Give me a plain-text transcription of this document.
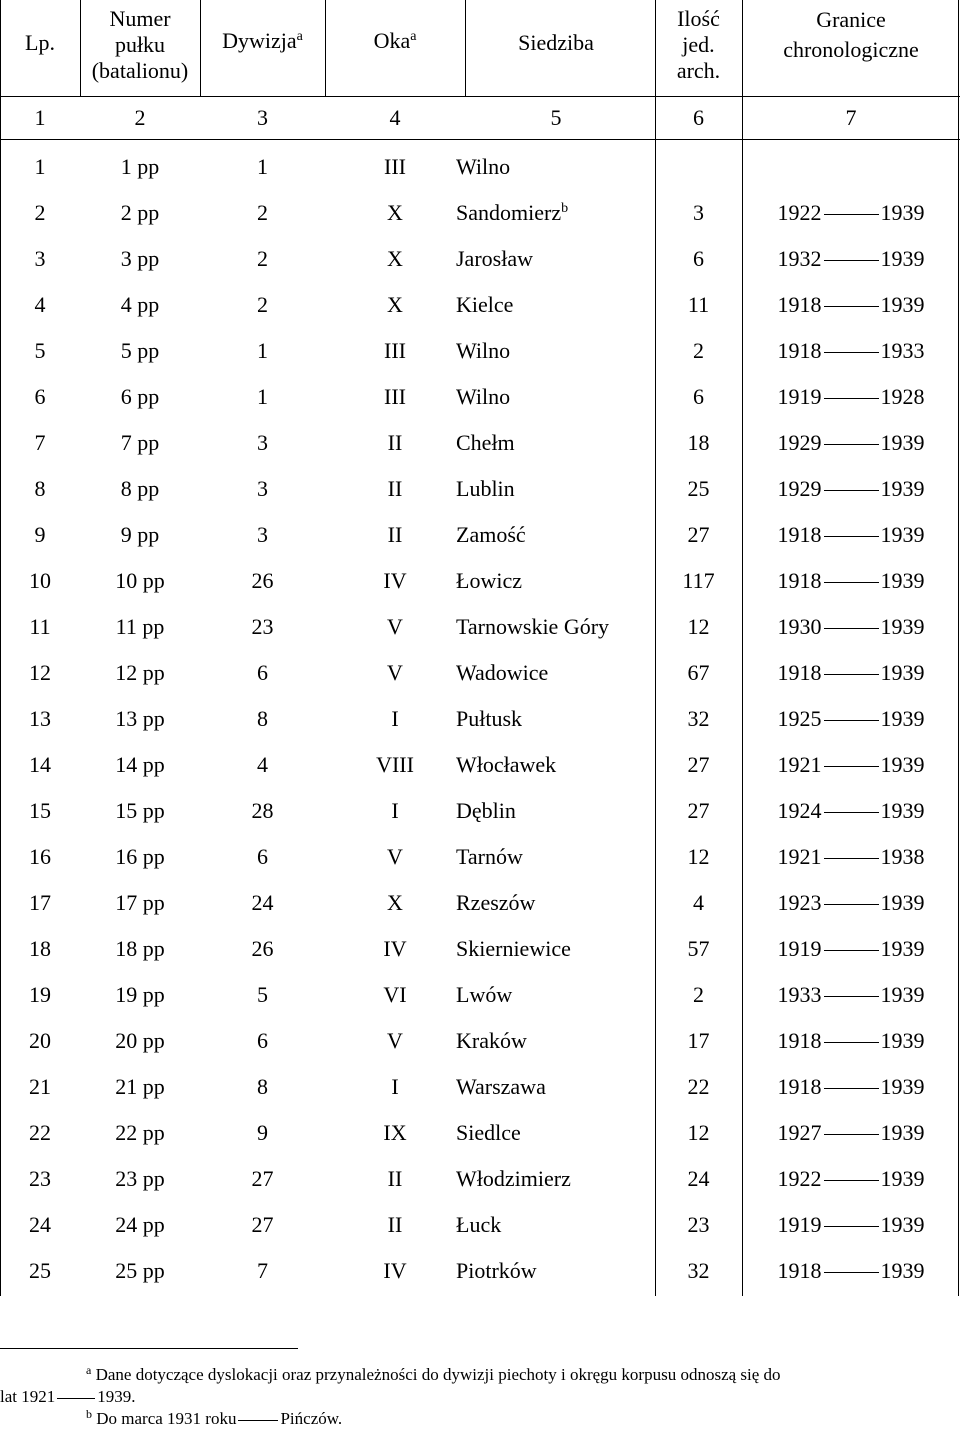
Lp.
Numer
pułku
(batalionu)
Dywizja$^a$	Oka$^a$	Siedziba
Ilość
jed.
arch.
Granice
chronologiczne
1	2	3	4	5	6	7
1	1 pp	1	III	Wilno
2	2 pp	2	X	Sandomierz$^b$	3	1922	1939
3	3 pp	2	X	Jarosław	6	1932	1939
4	4 pp	2	X	Kielce	11	1918	1939
5	5 pp	1	III	Wilno	2	1918	1933
6	6 pp	1	III	Wilno	6	1919	1928
7	7 pp	3	II	Chełm	18	1929	1939
8	8 pp	3	II	Lublin	25	1929	1939
9	9 pp	3	II	Zamość	27	1918	1939
10	10 pp	26	IV	Łowicz	117	1918	1939
11	11 pp	23	V	Tarnowskie Góry	12	1930	1939
12	12 pp	6	V	Wadowice	67	1918	1939
13	13 pp	8	I	Pułtusk	32	1925	1939
14	14 pp	4	VIII	Włocławek	27	1921	1939
15	15 pp	28	I	Dęblin	27	1924	1939
16	16 pp	6	V	Tarnów	12	1921	1938
17	17 pp	24	X	Rzeszów	4	1923	1939
18	18 pp	26	IV	Skierniewice	57	1919	1939
19	19 pp	5	VI	Lwów	2	1933	1939
20	20 pp	6	V	Kraków	17	1918	1939
21	21 pp	8	I	Warszawa	22	1918	1939
22	22 pp	9	IX	Siedlce	12	1927	1939
23	23 pp	27	II	Włodzimierz	24	1922	1939
24	24 pp	27	II	Łuck	23	1919	1939
25	25 pp	7	IV	Piotrków	32	1918	1939
$^a$ Dane dotyczące dyslokacji oraz przynależności do dywizji piechoty i okręgu korpusu odnoszą się do
lat 1921 1939.
$^b$ Do marca 1931 roku	Pińczów.
